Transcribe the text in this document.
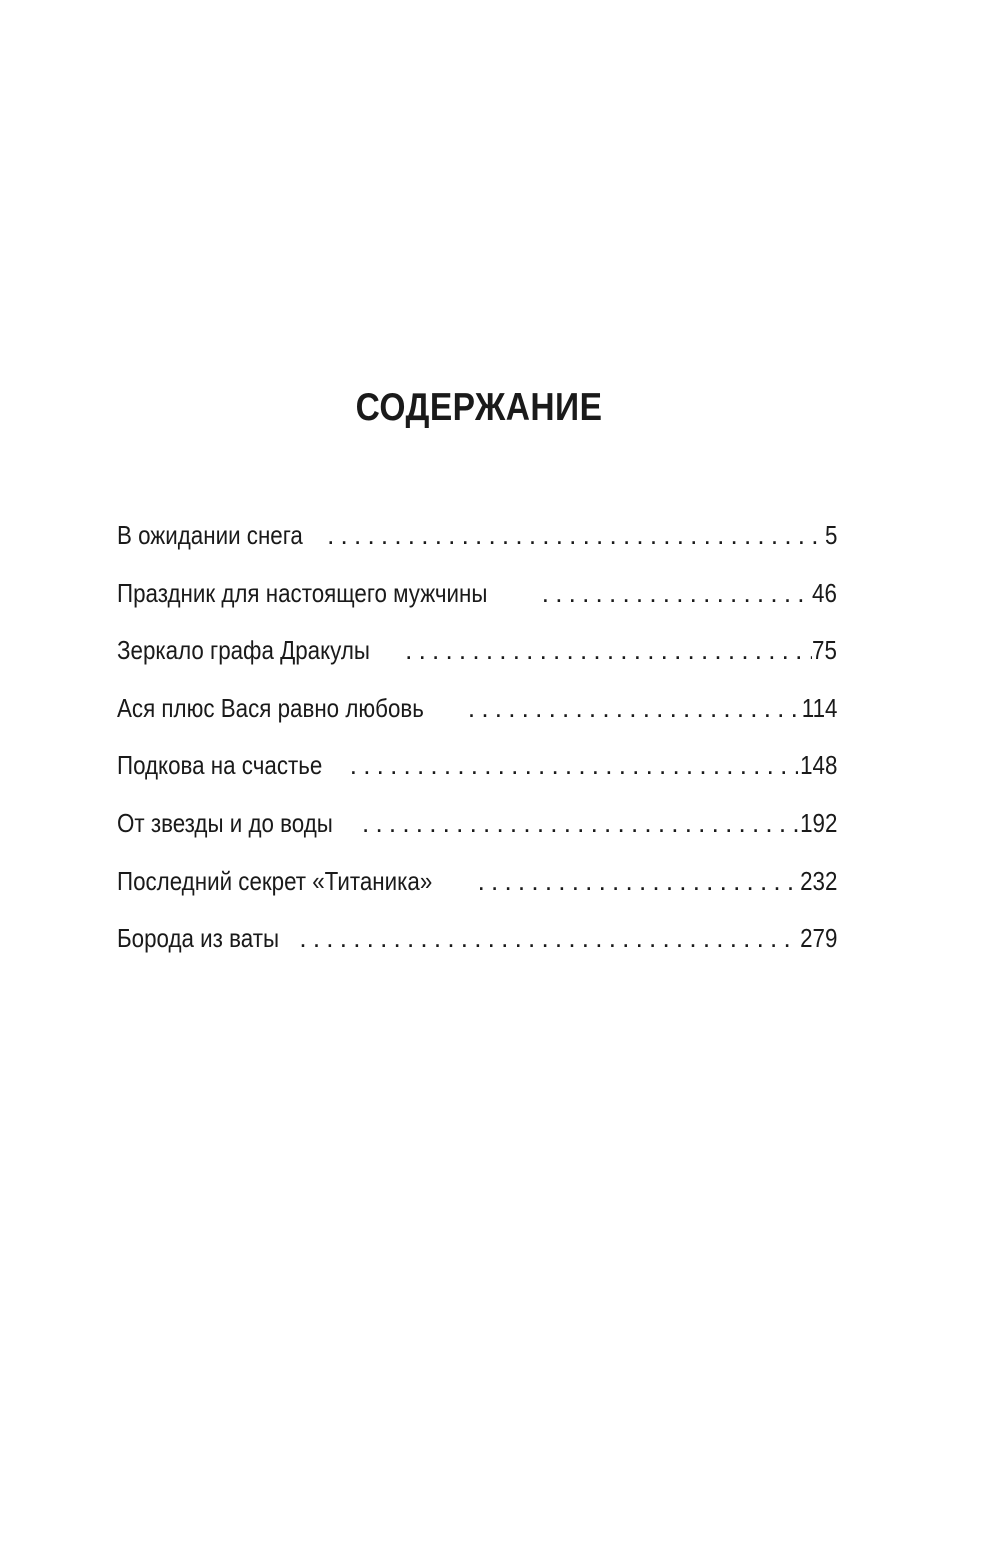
СОДЕРЖАНИЕ
В ожидании снега . . .	5
Праздник для настоящего мужчины . . .	46
Зеркало графа Дракулы . . .	75
Ася плюс Вася равно любовь . . .	114
Подкова на счастье . . .	148
От звезды и до воды . . .	192
Последний секрет «Титаника» . . .	232
Борода из ваты . . .	279
